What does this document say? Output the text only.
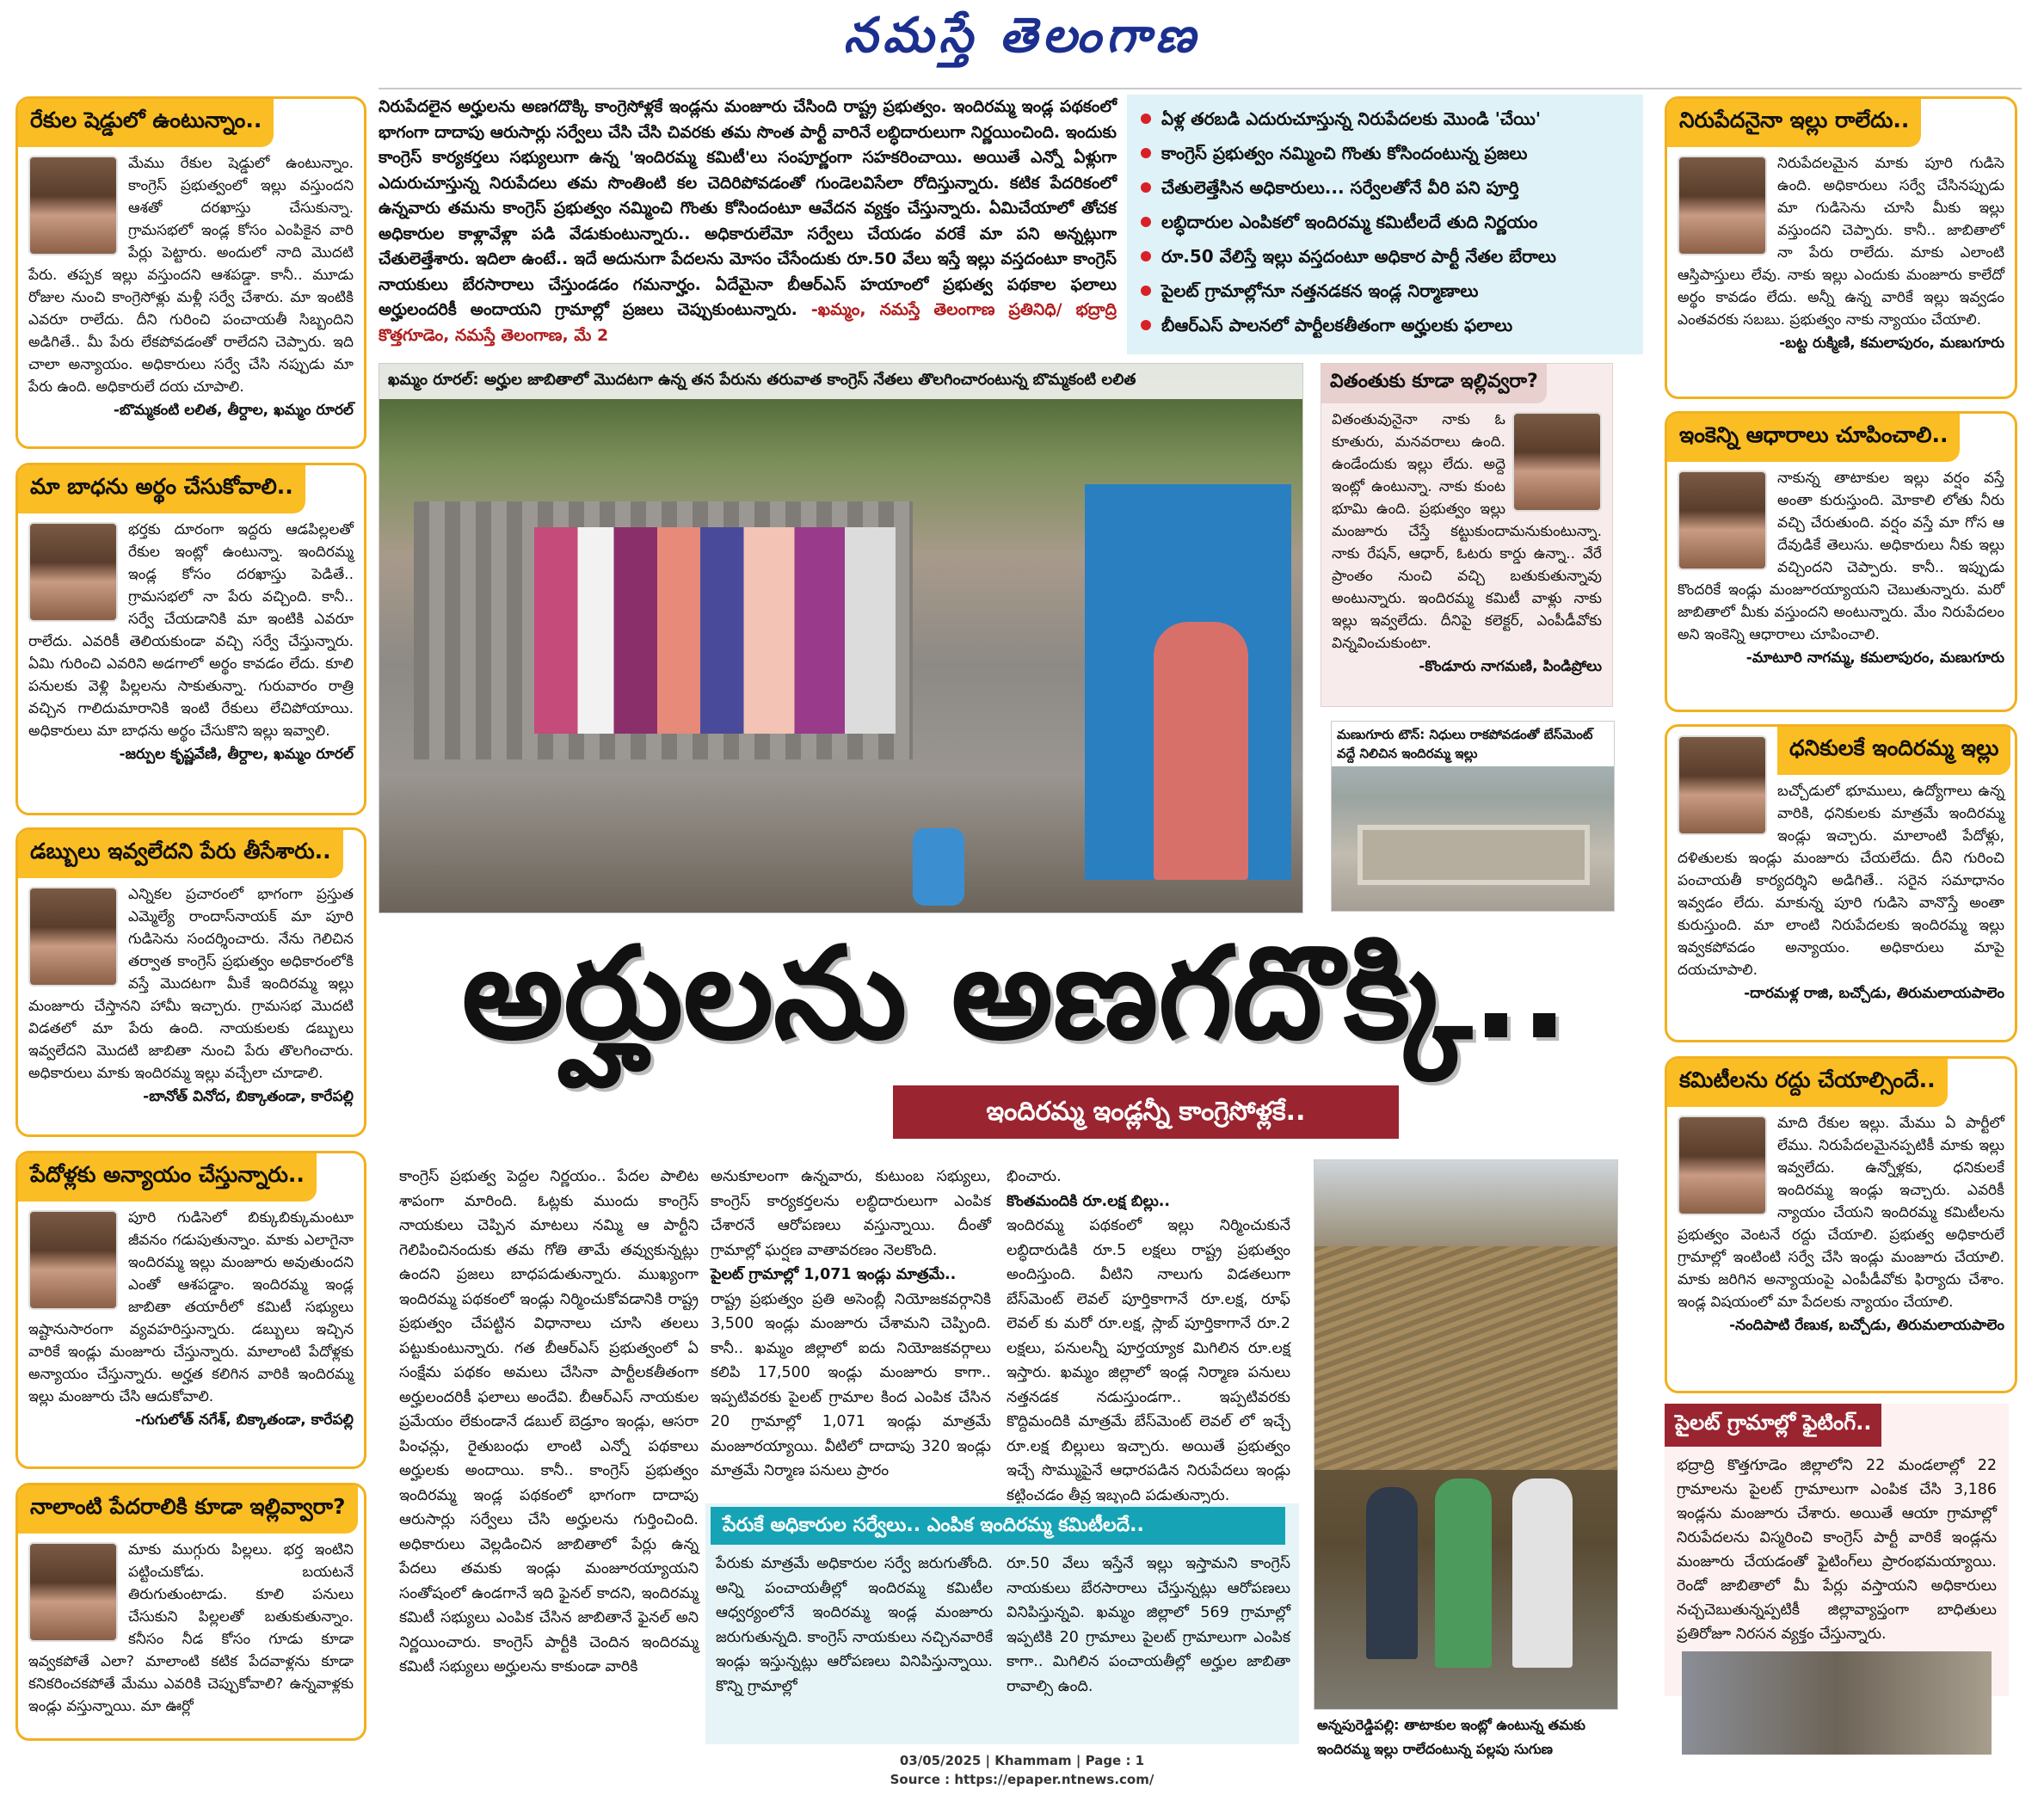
నమస్తే తెలంగాణ
రేకుల షెడ్డులో ఉంటున్నాం..

మేము రేకుల షెడ్డులో ఉంటున్నాం. కాంగ్రెస్ ప్రభుత్వంలో ఇల్లు వస్తుందని ఆశతో దరఖాస్తు చేసుకున్నా. గ్రామసభలో ఇండ్ల కోసం ఎంపికైన వారి పేర్లు పెట్టారు. అందులో నాది మొదటి పేరు. తప్పక ఇల్లు వస్తుందని ఆశపడ్డా. కానీ.. మూడు రోజుల నుంచి కాంగ్రెసోళ్లు మళ్లీ సర్వే చేశారు. మా ఇంటికి ఎవరూ రాలేదు. దీని గురించి పంచాయతీ సిబ్బందిని అడిగితే.. మీ పేరు లేకపోవడంతో రాలేదని చెప్పారు. ఇది చాలా అన్యాయం. అధికారులు సర్వే చేసి నప్పుడు మా పేరు ఉంది. అధికారులే దయ చూపాలి.

-బొమ్మకంటి లలిత, తీర్దాల, ఖమ్మం రూరల్
మా బాధను అర్థం చేసుకోవాలి..

భర్తకు దూరంగా ఇద్దరు ఆడపిల్లలతో రేకుల ఇంట్లో ఉంటున్నా. ఇందిరమ్మ ఇండ్ల కోసం దరఖాస్తు పెడితే.. గ్రామసభలో నా పేరు వచ్చింది. కానీ.. సర్వే చేయడానికి మా ఇంటికి ఎవరూ రాలేదు. ఎవరికీ తెలియకుండా వచ్చి సర్వే చేస్తున్నారు. ఏమి గురించి ఎవరిని అడగాలో అర్థం కావడం లేదు. కూలి పనులకు వెళ్లి పిల్లలను సాకుతున్నా. గురువారం రాత్రి వచ్చిన గాలిదుమారానికి ఇంటి రేకులు లేచిపోయాయి. అధికారులు మా బాధను అర్థం చేసుకొని ఇల్లు ఇవ్వాలి.

-జర్పుల కృష్ణవేణి, తీర్దాల, ఖమ్మం రూరల్
డబ్బులు ఇవ్వలేదని పేరు తీసేశారు..

ఎన్నికల ప్రచారంలో భాగంగా ప్రస్తుత ఎమ్మెల్యే రాందాస్‌నాయక్ మా పూరి గుడిసెను సందర్శించారు. నేను గెలిచిన తర్వాత కాంగ్రెస్ ప్రభుత్వం అధికారంలోకి వస్తే మొదటగా మీకే ఇందిరమ్మ ఇల్లు మంజూరు చేస్తానని హామీ ఇచ్చారు. గ్రామసభ మొదటి విడతలో మా పేరు ఉంది. నాయకులకు డబ్బులు ఇవ్వలేదని మొదటి జాబితా నుంచి పేరు తొలగించారు. అధికారులు మాకు ఇందిరమ్మ ఇల్లు వచ్చేలా చూడాలి.

-బానోత్ వినోద, బిక్కాతండా, కారేపల్లి
పేదోళ్లకు అన్యాయం చేస్తున్నారు..

పూరి గుడిసెలో బిక్కుబిక్కుమంటూ జీవనం గడుపుతున్నాం. మాకు ఎలాగైనా ఇందిరమ్మ ఇల్లు మంజూరు అవుతుందని ఎంతో ఆశపడ్డాం. ఇందిరమ్మ ఇండ్ల జాబితా తయారీలో కమిటీ సభ్యులు ఇష్టానుసారంగా వ్యవహరిస్తున్నారు. డబ్బులు ఇచ్చిన వారికే ఇండ్లు మంజూరు చేస్తున్నారు. మాలాంటి పేదోళ్లకు అన్యాయం చేస్తున్నారు. అర్హత కలిగిన వారికి ఇందిరమ్మ ఇల్లు మంజూరు చేసి ఆదుకోవాలి.

-గుగులోత్ నగేశ్, బిక్కాతండా, కారేపల్లి
నాలాంటి పేదరాలికి కూడా ఇల్లివ్వారా?

మాకు ముగ్గురు పిల్లలు. భర్త ఇంటిని పట్టించుకోడు. బయటనే తిరుగుతుంటాడు. కూలి పనులు చేసుకుని పిల్లలతో బతుకుతున్నాం. కనీసం నీడ కోసం గూడు కూడా ఇవ్వకపోతే ఎలా? మాలాంటి కటిక పేదవాళ్లను కూడా కనికరించకపోతే మేము ఎవరికి చెప్పుకోవాలి? ఉన్నవాళ్లకు ఇండ్లు వస్తున్నాయి. మా ఊర్లో

నిరుపేదలైన అర్హులను అణగదొక్కి కాంగ్రెసోళ్లకే ఇండ్లను మంజూరు చేసింది రాష్ట్ర ప్రభుత్వం. ఇందిరమ్మ ఇండ్ల పథకంలో భాగంగా దాదాపు ఆరుసార్లు సర్వేలు చేసి చేసి చివరకు తమ సొంత పార్టీ వారినే లబ్ధిదారులుగా నిర్ణయించింది. ఇందుకు కాంగ్రెస్ కార్యకర్తలు సభ్యులుగా ఉన్న 'ఇందిరమ్మ కమిటీ'లు సంపూర్ణంగా సహకరించాయి. అయితే ఎన్నో ఏళ్లుగా ఎదురుచూస్తున్న నిరుపేదలు తమ సొంతింటి కల చెదిరిపోవడంతో గుండెలవిసేలా రోదిస్తున్నారు. కటిక పేదరికంలో ఉన్నవారు తమను కాంగ్రెస్ ప్రభుత్వం నమ్మించి గొంతు కోసిందంటూ ఆవేదన వ్యక్తం చేస్తున్నారు. ఏమిచేయాలో తోచక అధికారుల కాళ్లావేళ్లా పడి వేడుకుంటున్నారు.. అధికారులేమో సర్వేలు చేయడం వరకే మా పని అన్నట్లుగా చేతులెత్తేశారు. ఇదిలా ఉంటే.. ఇదే అదునుగా పేదలను మోసం చేసేందుకు రూ.50 వేలు ఇస్తే ఇల్లు వస్తదంటూ కాంగ్రెస్ నాయకులు బేరసారాలు చేస్తుండడం గమనార్హం. ఏదేమైనా బీఆర్‌ఎస్ హయాంలో ప్రభుత్వ పథకాల ఫలాలు అర్హులందరికీ అందాయని గ్రామాల్లో ప్రజలు చెప్పుకుంటున్నారు. -ఖమ్మం, నమస్తే తెలంగాణ ప్రతినిధి/ భద్రాద్రి కొత్తగూడెం, నమస్తే తెలంగాణ, మే 2
ఏళ్ల తరబడి ఎదురుచూస్తున్న నిరుపేదలకు మొండి 'చేయి'
కాంగ్రెస్ ప్రభుత్వం నమ్మించి గొంతు కోసిందంటున్న ప్రజలు
చేతులెత్తేసిన అధికారులు... సర్వేలతోనే వీరి పని పూర్తి
లబ్ధిదారుల ఎంపికలో ఇందిరమ్మ కమిటీలదే తుది నిర్ణయం
రూ.50 వేలిస్తే ఇల్లు వస్తదంటూ అధికార పార్టీ నేతల బేరాలు
పైలట్ గ్రామాల్లోనూ నత్తనడకన ఇండ్ల నిర్మాణాలు
బీఆర్‌ఎస్ పాలనలో పార్టీలకతీతంగా అర్హులకు ఫలాలు
ఖమ్మం రూరల్: అర్హుల జాబితాలో మొదటగా ఉన్న తన పేరును తరువాత కాంగ్రెస్ నేతలు తొలగించారంటున్న బొమ్మకంటి లలిత	వితంతుకు కూడా ఇల్లివ్వరా?

వితంతువునైనా నాకు ఓ కూతురు, మనవరాలు ఉంది. ఉండేందుకు ఇల్లు లేదు. అద్దె ఇంట్లో ఉంటున్నా. నాకు కుంట భూమి ఉంది. ప్రభుత్వం ఇల్లు మంజూరు చేస్తే కట్టుకుందామనుకుంటున్నా. నాకు రేషన్, ఆధార్, ఓటరు కార్డు ఉన్నా.. వేరే ప్రాంతం నుంచి వచ్చి బతుకుతున్నావు అంటున్నారు. ఇందిరమ్మ కమిటీ వాళ్లు నాకు ఇల్లు ఇవ్వలేదు. దీనిపై కలెక్టర్, ఎంపీడీవోకు విన్నవించుకుంటా.

-కొండూరు నాగమణి, పిండిప్రోలు
మణుగూరు టౌన్: నిధులు రాకపోవడంతో బేస్‌మెంట్ వద్దే నిలిచిన ఇందిరమ్మ ఇల్లు
అర్హులను అణగదొక్కి..
ఇందిరమ్మ ఇండ్లన్నీ కాంగ్రెసోళ్లకే..
కాంగ్రెస్ ప్రభుత్వ పెద్దల నిర్ణయం.. పేదల పాలిట శాపంగా మారింది. ఓట్లకు ముందు కాంగ్రెస్ నాయకులు చెప్పిన మాటలు నమ్మి ఆ పార్టీని గెలిపించినందుకు తమ గోతి తామే తవ్వుకున్నట్లు ఉందని ప్రజలు బాధపడుతున్నారు. ముఖ్యంగా ఇందిరమ్మ పథకంలో ఇండ్లు నిర్మించుకోవడానికి రాష్ట్ర ప్రభుత్వం చేపట్టిన విధానాలు చూసి తలలు పట్టుకుంటున్నారు. గత బీఆర్‌ఎస్ ప్రభుత్వంలో ఏ సంక్షేమ పథకం అమలు చేసినా పార్టీలకతీతంగా అర్హులందరికీ ఫలాలు అందేవి. బీఆర్‌ఎస్ నాయకుల ప్రమేయం లేకుండానే డబుల్ బెడ్రూం ఇండ్లు, ఆసరా పింఛన్లు, రైతుబంధు లాంటి ఎన్నో పథకాలు అర్హులకు అందాయి. కానీ.. కాంగ్రెస్ ప్రభుత్వం ఇందిరమ్మ ఇండ్ల పథకంలో భాగంగా దాదాపు ఆరుసార్లు సర్వేలు చేసి అర్హులను గుర్తించింది. అధికారులు వెల్లడించిన జాబితాలో పేర్లు ఉన్న పేదలు తమకు ఇండ్లు మంజూరయ్యాయని సంతోషంలో ఉండగానే ఇది ఫైనల్ కాదని, ఇందిరమ్మ కమిటీ సభ్యులు ఎంపిక చేసిన జాబితానే ఫైనల్ అని నిర్ణయించారు. కాంగ్రెస్ పార్టీకి చెందిన ఇందిరమ్మ కమిటీ సభ్యులు అర్హులను కాకుండా వారికి
అనుకూలంగా ఉన్నవారు, కుటుంబ సభ్యులు, కాంగ్రెస్ కార్యకర్తలను లబ్ధిదారులుగా ఎంపిక చేశారనే ఆరోపణలు వస్తున్నాయి. దీంతో గ్రామాల్లో ఘర్షణ వాతావరణం నెలకొంది.
పైలట్ గ్రామాల్లో 1,071 ఇండ్లు మాత్రమే..
రాష్ట్ర ప్రభుత్వం ప్రతి అసెంబ్లీ నియోజకవర్గానికి 3,500 ఇండ్లు మంజూరు చేశామని చెప్పింది. కానీ.. ఖమ్మం జిల్లాలో ఐదు నియోజకవర్గాలు కలిపి 17,500 ఇండ్లు మంజూరు కాగా.. ఇప్పటివరకు పైలట్ గ్రామాల కింద ఎంపిక చేసిన 20 గ్రామాల్లో 1,071 ఇండ్లు మాత్రమే మంజూరయ్యాయి. వీటిలో దాదాపు 320 ఇండ్లు మాత్రమే నిర్మాణ పనులు ప్రారం
భించారు.
కొంతమందికి రూ.లక్ష బిల్లు..
ఇందిరమ్మ పథకంలో ఇల్లు నిర్మించుకునే లబ్ధిదారుడికి రూ.5 లక్షలు రాష్ట్ర ప్రభుత్వం అందిస్తుంది. వీటిని నాలుగు విడతలుగా బేస్‌మెంట్ లెవల్ పూర్తికాగానే రూ.లక్ష, రూఫ్ లెవల్ కు మరో రూ.లక్ష, స్లాబ్ పూర్తికాగానే రూ.2 లక్షలు, పనులన్నీ పూర్తయ్యాక మిగిలిన రూ.లక్ష ఇస్తారు. ఖమ్మం జిల్లాలో ఇండ్ల నిర్మాణ పనులు నత్తనడక నడుస్తుండగా.. ఇప్పటివరకు కొద్దిమందికి మాత్రమే బేస్‌మెంట్ లెవల్ లో ఇచ్చే రూ.లక్ష బిల్లులు ఇచ్చారు. అయితే ప్రభుత్వం ఇచ్చే సొమ్ముపైనే ఆధారపడిన నిరుపేదలు ఇండ్లు కట్టించడం తీవ్ర ఇబ్బంది పడుతున్నారు.
పేరుకే అధికారుల సర్వేలు.. ఎంపిక ఇందిరమ్మ కమిటీలదే..
పేరుకు మాత్రమే అధికారుల సర్వే జరుగుతోంది. అన్ని పంచాయతీల్లో ఇందిరమ్మ కమిటీల ఆధ్వర్యంలోనే ఇందిరమ్మ ఇండ్ల మంజూరు జరుగుతున్నది. కాంగ్రెస్ నాయకులు నచ్చినవారికే ఇండ్లు ఇస్తున్నట్లు ఆరోపణలు వినిపిస్తున్నాయి. కొన్ని గ్రామాల్లో
రూ.50 వేలు ఇస్తేనే ఇల్లు ఇస్తామని కాంగ్రెస్ నాయకులు బేరసారాలు చేస్తున్నట్లు ఆరోపణలు వినిపిస్తున్నవి. ఖమ్మం జిల్లాలో 569 గ్రామాల్లో ఇప్పటికి 20 గ్రామాలు పైలట్ గ్రామాలుగా ఎంపిక కాగా.. మిగిలిన పంచాయతీల్లో అర్హుల జాబితా రావాల్సి ఉంది.
అన్నపురెడ్డిపల్లి: తాటాకుల ఇంట్లో ఉంటున్న తమకు ఇందిరమ్మ ఇల్లు రాలేదంటున్న పల్లపు సుగుణ
నిరుపేదనైనా ఇల్లు రాలేదు..

నిరుపేదలమైన మాకు పూరి గుడిసె ఉంది. అధికారులు సర్వే చేసినప్పుడు మా గుడిసెను చూసి మీకు ఇల్లు వస్తుందని చెప్పారు. కానీ.. జాబితాలో నా పేరు రాలేదు. మాకు ఎలాంటి ఆస్తిపాస్తులు లేవు. నాకు ఇల్లు ఎందుకు మంజూరు కాలేదో అర్థం కావడం లేదు. అన్నీ ఉన్న వారికే ఇల్లు ఇవ్వడం ఎంతవరకు సబబు. ప్రభుత్వం నాకు న్యాయం చేయాలి.

-బట్ట రుక్మిణి, కమలాపురం, మణుగూరు
ఇంకెన్ని ఆధారాలు చూపించాలి..

నాకున్న తాటాకుల ఇల్లు వర్షం వస్తే అంతా కురుస్తుంది. మోకాలి లోతు నీరు వచ్చి చేరుతుంది. వర్షం వస్తే మా గోస ఆ దేవుడికే తెలుసు. అధికారులు నీకు ఇల్లు వచ్చిందని చెప్పారు. కానీ.. ఇప్పుడు కొందరికే ఇండ్లు మంజూరయ్యాయని చెబుతున్నారు. మరో జాబితాలో మీకు వస్తుందని అంటున్నారు. మేం నిరుపేదలం అని ఇంకెన్ని ఆధారాలు చూపించాలి.

-మాటూరి నాగమ్మ, కమలాపురం, మణుగూరు
ధనికులకే ఇందిరమ్మ ఇల్లు

బచ్చోడులో భూములు, ఉద్యోగాలు ఉన్న వారికి, ధనికులకు మాత్రమే ఇందిరమ్మ ఇండ్లు ఇచ్చారు. మాలాంటి పేదోళ్లు, దళితులకు ఇండ్లు మంజూరు చేయలేదు. దీని గురించి పంచాయతీ కార్యదర్శిని అడిగితే.. సరైన సమాధానం ఇవ్వడం లేదు. మాకున్న పూరి గుడిసె వానొస్తే అంతా కురుస్తుంది. మా లాంటి నిరుపేదలకు ఇందిరమ్మ ఇల్లు ఇవ్వకపోవడం అన్యాయం. అధికారులు మాపై దయచూపాలి.

-దారమళ్ల రాజి, బచ్చోడు, తిరుమలాయపాలెం
కమిటీలను రద్దు చేయాల్సిందే..

మాది రేకుల ఇల్లు. మేము ఏ పార్టీలో లేము. నిరుపేదలమైనప్పటికీ మాకు ఇల్లు ఇవ్వలేదు. ఉన్నోళ్లకు, ధనికులకే ఇందిరమ్మ ఇండ్లు ఇచ్చారు. ఎవరికీ న్యాయం చేయని ఇందిరమ్మ కమిటీలను ప్రభుత్వం వెంటనే రద్దు చేయాలి. ప్రభుత్వ అధికారులే గ్రామాల్లో ఇంటింటి సర్వే చేసి ఇండ్లు మంజూరు చేయాలి. మాకు జరిగిన అన్యాయంపై ఎంపీడీవోకు ఫిర్యాదు చేశాం. ఇండ్ల విషయంలో మా పేదలకు న్యాయం చేయాలి.

-నందిపాటి రేణుక, బచ్చోడు, తిరుమలాయపాలెం
పైలట్ గ్రామాల్లో ఫైటింగ్..

భద్రాద్రి కొత్తగూడెం జిల్లాలోని 22 మండలాల్లో 22 గ్రామాలను పైలట్ గ్రామాలుగా ఎంపిక చేసి 3,186 ఇండ్లను మంజూరు చేశారు. అయితే ఆయా గ్రామాల్లో నిరుపేదలను విస్మరించి కాంగ్రెస్ పార్టీ వారికే ఇండ్లను మంజూరు చేయడంతో ఫైటింగ్‌లు ప్రారంభమయ్యాయి. రెండో జాబితాలో మీ పేర్లు వస్తాయని అధికారులు నచ్చచెబుతున్నప్పటికీ జిల్లావ్యాప్తంగా బాధితులు ప్రతిరోజూ నిరసన వ్యక్తం చేస్తున్నారు.

03/05/2025 | Khammam | Page : 1
Source : https://epaper.ntnews.com/
